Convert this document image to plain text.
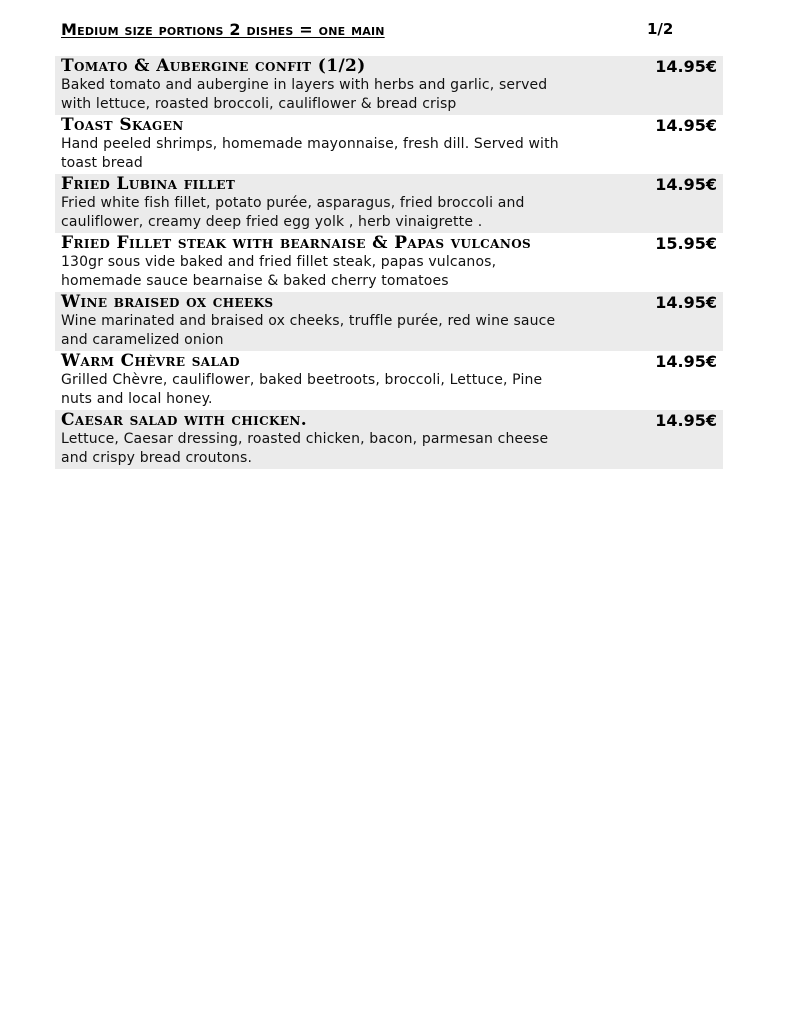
Medium size portions 2 dishes = one main	1/2
Tomato & Aubergine confit (1/2)	14.95€
Baked tomato and aubergine in layers with herbs and garlic, served with lettuce, roasted broccoli, cauliflower & bread crisp
Toast Skagen	14.95€
Hand peeled shrimps, homemade mayonnaise, fresh dill. Served with toast bread
Fried Lubina fillet	14.95€
Fried white fish fillet, potato purée, asparagus, fried broccoli and cauliflower, creamy deep fried egg yolk , herb vinaigrette .
Fried Fillet steak with bearnaise & Papas vulcanos	15.95€
130gr sous vide baked and fried fillet steak, papas vulcanos, homemade sauce bearnaise & baked cherry tomatoes
Wine braised ox cheeks	14.95€
Wine marinated and braised ox cheeks, truffle purée, red wine sauce and caramelized onion
Warm Chèvre salad	14.95€
Grilled Chèvre, cauliflower, baked beetroots, broccoli, Lettuce, Pine nuts and local honey.
Caesar salad with chicken.	14.95€
Lettuce, Caesar dressing, roasted chicken, bacon, parmesan cheese and crispy bread croutons.
